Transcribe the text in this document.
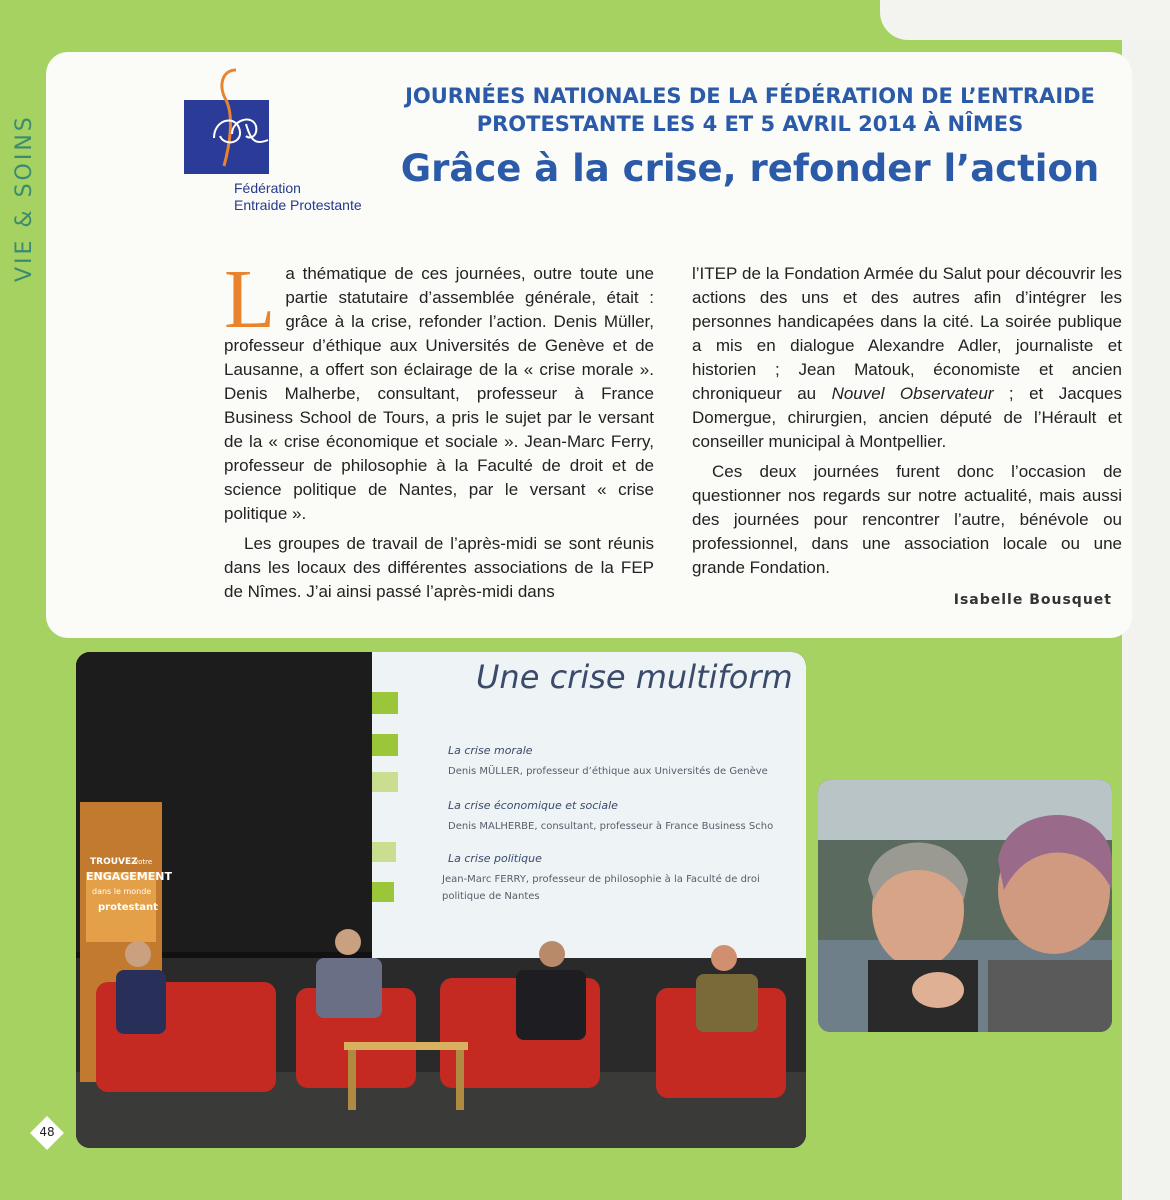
VIE & SOINS	Fédération
Entraide Protestante
JOURNÉES NATIONALES DE LA FÉDÉRATION DE L’ENTRAIDE
PROTESTANTE LES 4 ET 5 AVRIL 2014 À NÎMES
Grâce à la crise, refonder l’action

La thématique de ces journées, outre toute une partie statutaire d’assemblée générale, était : grâce à la crise, refonder l’action. Denis Müller, professeur d’éthique aux Universités de Genève et de Lausanne, a offert son éclairage de la « crise morale ». Denis Malherbe, consultant, professeur à France Business School de Tours, a pris le sujet par le versant de la « crise économique et sociale ». Jean-Marc Ferry, professeur de philosophie à la Faculté de droit et de science politique de Nantes, par le versant « crise politique ».

Les groupes de travail de l’après-midi se sont réunis dans les locaux des différentes associations de la FEP de Nîmes. J’ai ainsi passé l’après-midi dans

l’ITEP de la Fondation Armée du Salut pour découvrir les actions des uns et des autres afin d’intégrer les personnes handicapées dans la cité. La soirée publique a mis en dialogue Alexandre Adler, journaliste et historien ; Jean Matouk, économiste et ancien chroniqueur au Nouvel Observateur ; et Jacques Domergue, chirurgien, ancien député de l’Hérault et conseiller municipal à Montpellier.

Ces deux journées furent donc l’occasion de questionner nos regards sur notre actualité, mais aussi des journées pour rencontrer l’autre, bénévole ou professionnel, dans une association locale ou une grande Fondation.

Isabelle Bousquet
Une crise multiform
La crise morale
Denis MÜLLER, professeur d’éthique aux Universités de Genève
La crise économique et sociale
Denis MALHERBE, consultant, professeur à France Business Scho
La crise politique
Jean-Marc FERRY, professeur de philosophie à la Faculté de droi
politique de Nantes
TROUVEZ
votre
ENGAGEMENT
dans le monde
protestant
48
